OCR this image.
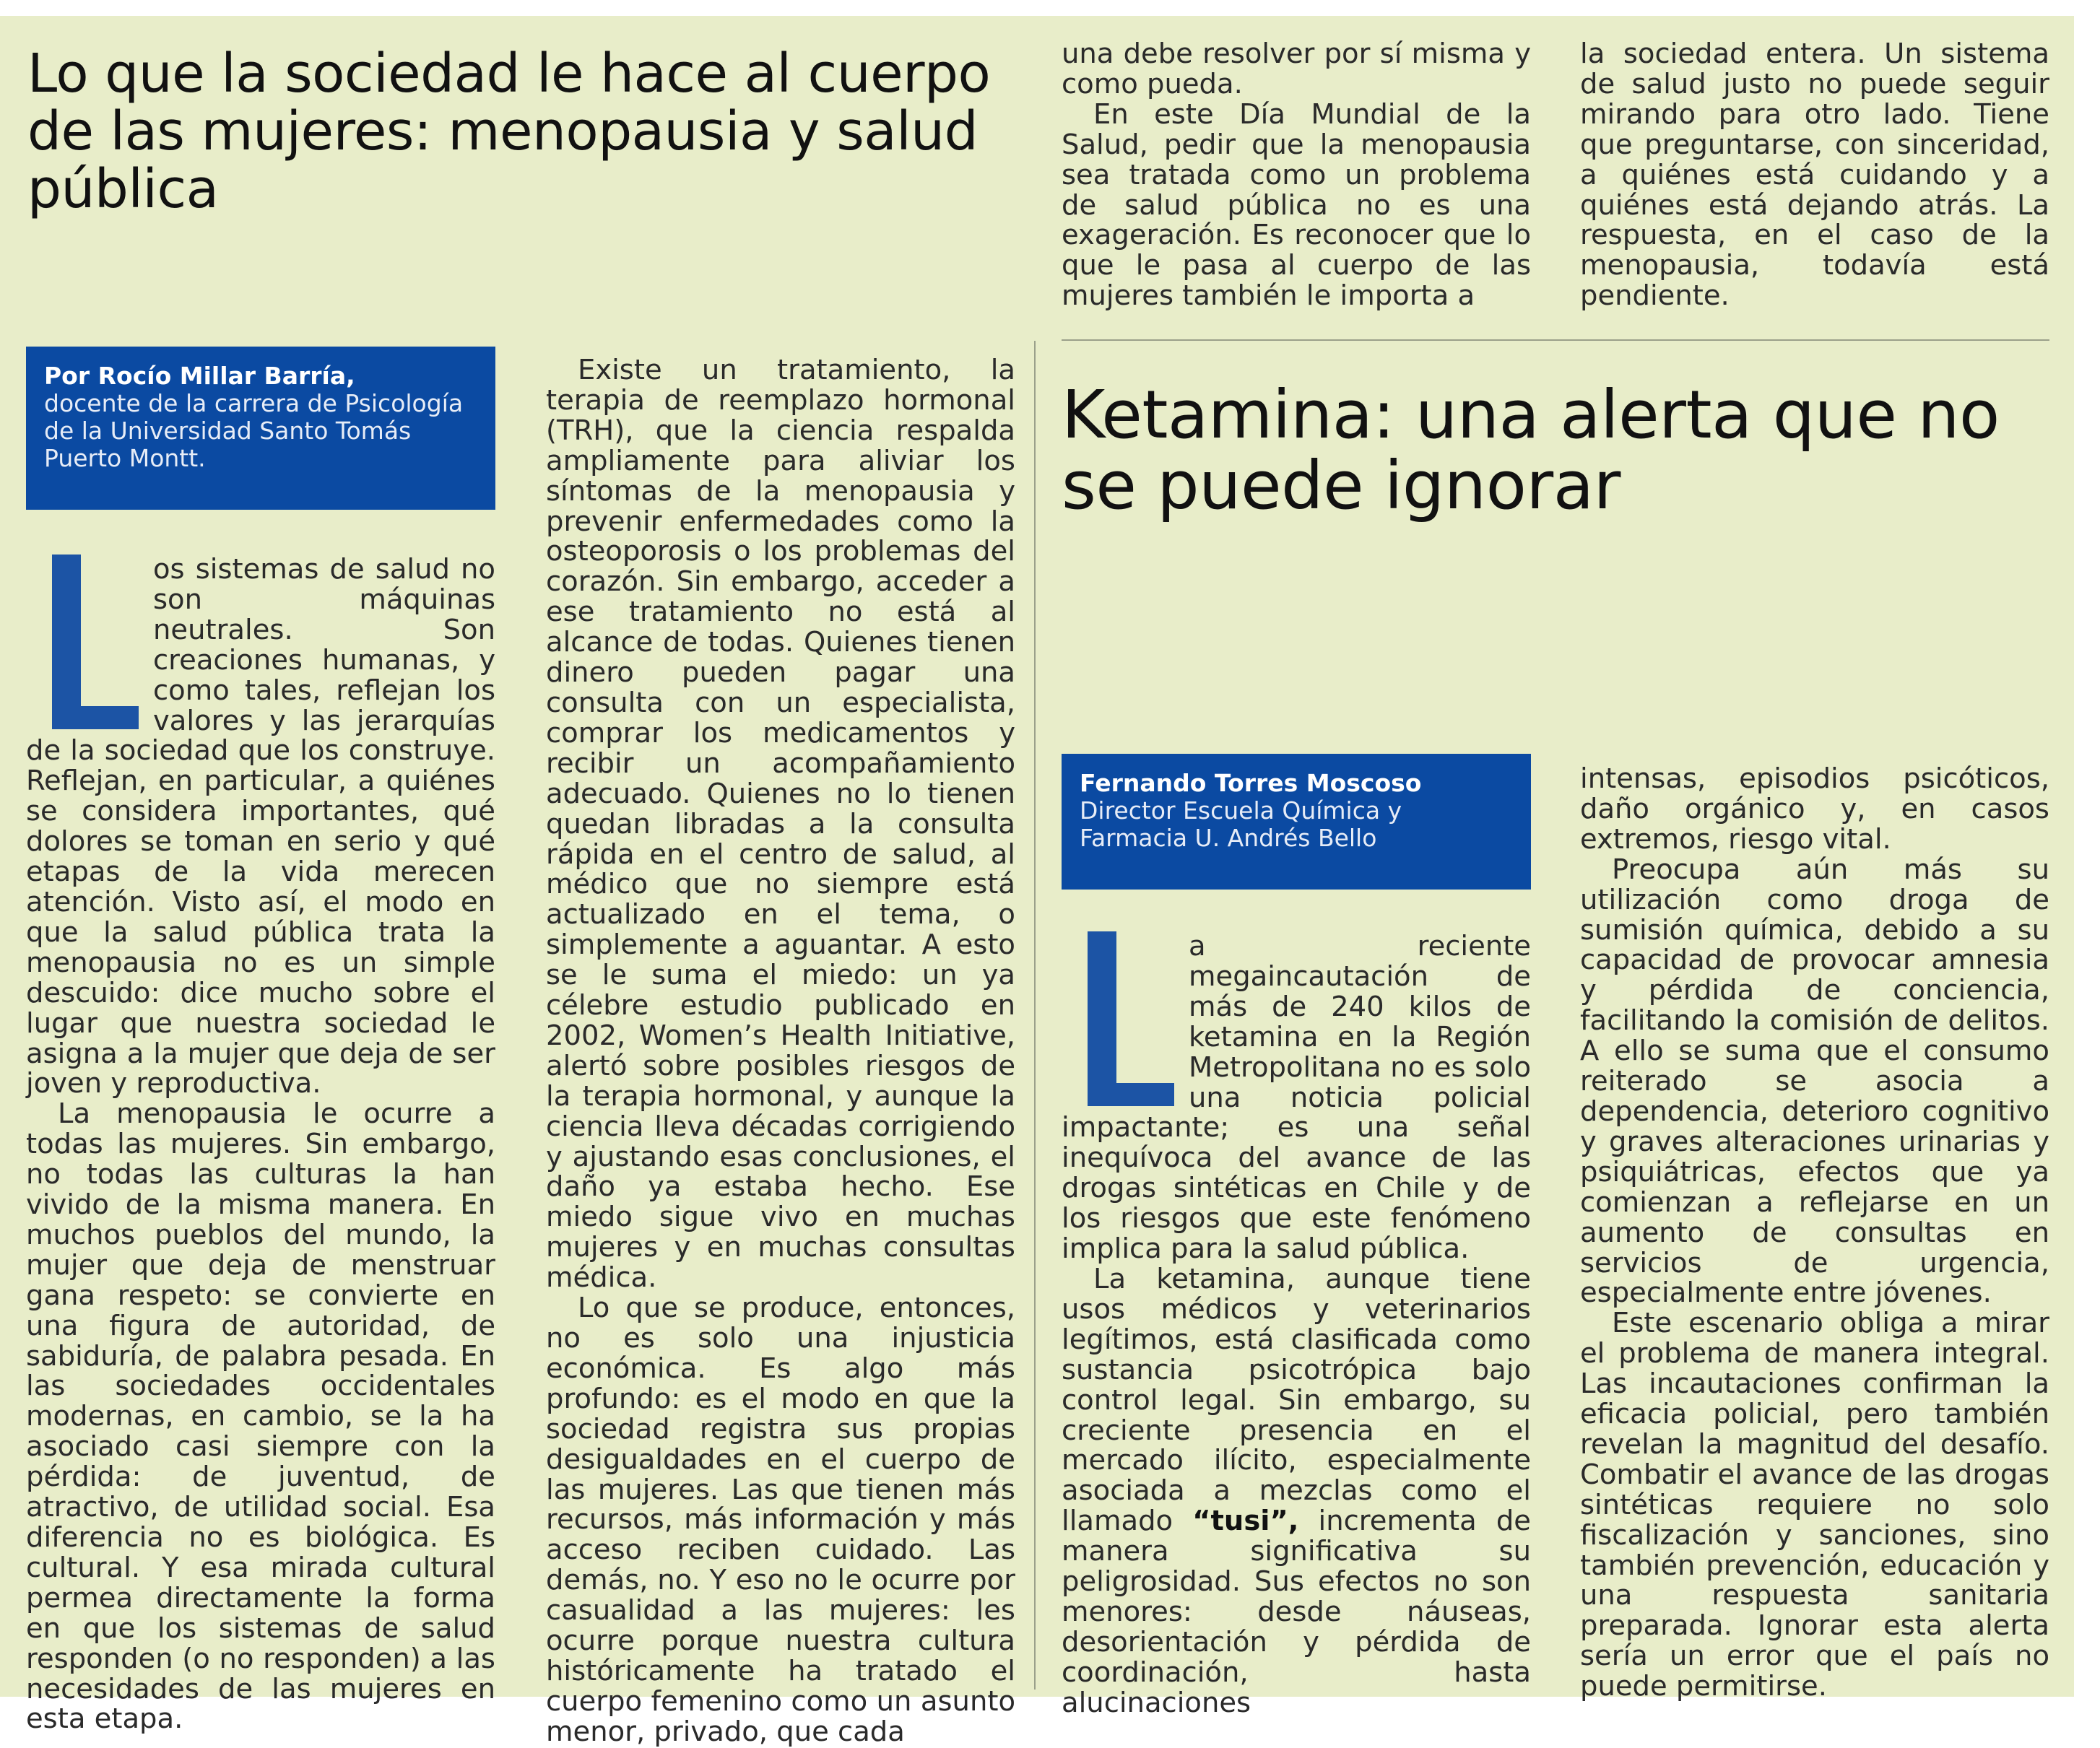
Lo que la sociedad le hace al cuerpo de las mujeres: menopausia y salud pública
Por Rocío Millar Barría,
docente de la carrera de Psicología de la Universidad Santo Tomás Puerto Montt.

os sistemas de salud no son máquinas neutrales. Son creaciones humanas, y como tales, reflejan los valores y las jerarquías de la sociedad que los construye. Reflejan, en particular, a quiénes se considera importantes, qué dolores se toman en serio y qué etapas de la vida merecen atención. Visto así, el modo en que la salud pública trata la menopausia no es un simple descuido: dice mucho sobre el lugar que nuestra sociedad le asigna a la mujer que deja de ser joven y reproductiva.

La menopausia le ocurre a todas las mujeres. Sin embargo, no todas las culturas la han vivido de la misma manera. En muchos pueblos del mundo, la mujer que deja de menstruar gana respeto: se convierte en una figura de autoridad, de sabiduría, de palabra pesada. En las sociedades occidentales modernas, en cambio, se la ha asociado casi siempre con la pérdida: de juventud, de atractivo, de utilidad social. Esa diferencia no es biológica. Es cultural. Y esa mirada cultural permea directamente la forma en que los sistemas de salud responden (o no responden) a las necesidades de las mujeres en esta etapa.

Existe un tratamiento, la terapia de reemplazo hormonal (TRH), que la ciencia respalda ampliamente para aliviar los síntomas de la menopausia y prevenir enfermedades como la osteoporosis o los problemas del corazón. Sin embargo, acceder a ese tratamiento no está al alcance de todas. Quienes tienen dinero pueden pagar una consulta con un especialista, comprar los medicamentos y recibir un acompañamiento adecuado. Quienes no lo tienen quedan libradas a la consulta rápida en el centro de salud, al médico que no siempre está actualizado en el tema, o simplemente a aguantar. A esto se le suma el miedo: un ya célebre estudio publicado en 2002, Women’s Health Initiative, alertó sobre posibles riesgos de la terapia hormonal, y aunque la ciencia lleva décadas corrigiendo y ajustando esas conclusiones, el daño ya estaba hecho. Ese miedo sigue vivo en muchas mujeres y en muchas consultas médica.

Lo que se produce, entonces, no es solo una injusticia económica. Es algo más profundo: es el modo en que la sociedad registra sus propias desigualdades en el cuerpo de las mujeres. Las que tienen más recursos, más información y más acceso reciben cuidado. Las demás, no. Y eso no le ocurre por casualidad a las mujeres: les ocurre porque nuestra cultura históricamente ha tratado el cuerpo femenino como un asunto menor, privado, que cada

una debe resolver por sí misma y como pueda.

En este Día Mundial de la Salud, pedir que la menopausia sea tratada como un problema de salud pública no es una exageración. Es reconocer que lo que le pasa al cuerpo de las mujeres también le importa a

la sociedad entera. Un sistema de salud justo no puede seguir mirando para otro lado. Tiene que preguntarse, con sinceridad, a quiénes está cuidando y a quiénes está dejando atrás. La respuesta, en el caso de la menopausia, todavía está pendiente.

Ketamina: una alerta que no se puede ignorar
Fernando Torres Moscoso
Director Escuela Química y Farmacia U. Andrés Bello

a reciente megaincautación de más de 240 kilos de ketamina en la Región Metropolitana no es solo una noticia policial impactante; es una señal inequívoca del avance de las drogas sintéticas en Chile y de los riesgos que este fenómeno implica para la salud pública.

La ketamina, aunque tiene usos médicos y veterinarios legítimos, está clasificada como sustancia psicotrópica bajo control legal. Sin embargo, su creciente presencia en el mercado ilícito, especialmente asociada a mezclas como el llamado “tusi”, incrementa de manera significativa su peligrosidad. Sus efectos no son menores: desde náuseas, desorientación y pérdida de coordinación, hasta alucinaciones

intensas, episodios psicóticos, daño orgánico y, en casos extremos, riesgo vital.

Preocupa aún más su utilización como droga de sumisión química, debido a su capacidad de provocar amnesia y pérdida de conciencia, facilitando la comisión de delitos. A ello se suma que el consumo reiterado se asocia a dependencia, deterioro cognitivo y graves alteraciones urinarias y psiquiátricas, efectos que ya comienzan a reflejarse en un aumento de consultas en servicios de urgencia, especialmente entre jóvenes.

Este escenario obliga a mirar el problema de manera integral. Las incautaciones confirman la eficacia policial, pero también revelan la magnitud del desafío. Combatir el avance de las drogas sintéticas requiere no solo fiscalización y sanciones, sino también prevención, educación y una respuesta sanitaria preparada. Ignorar esta alerta sería un error que el país no puede permitirse.
